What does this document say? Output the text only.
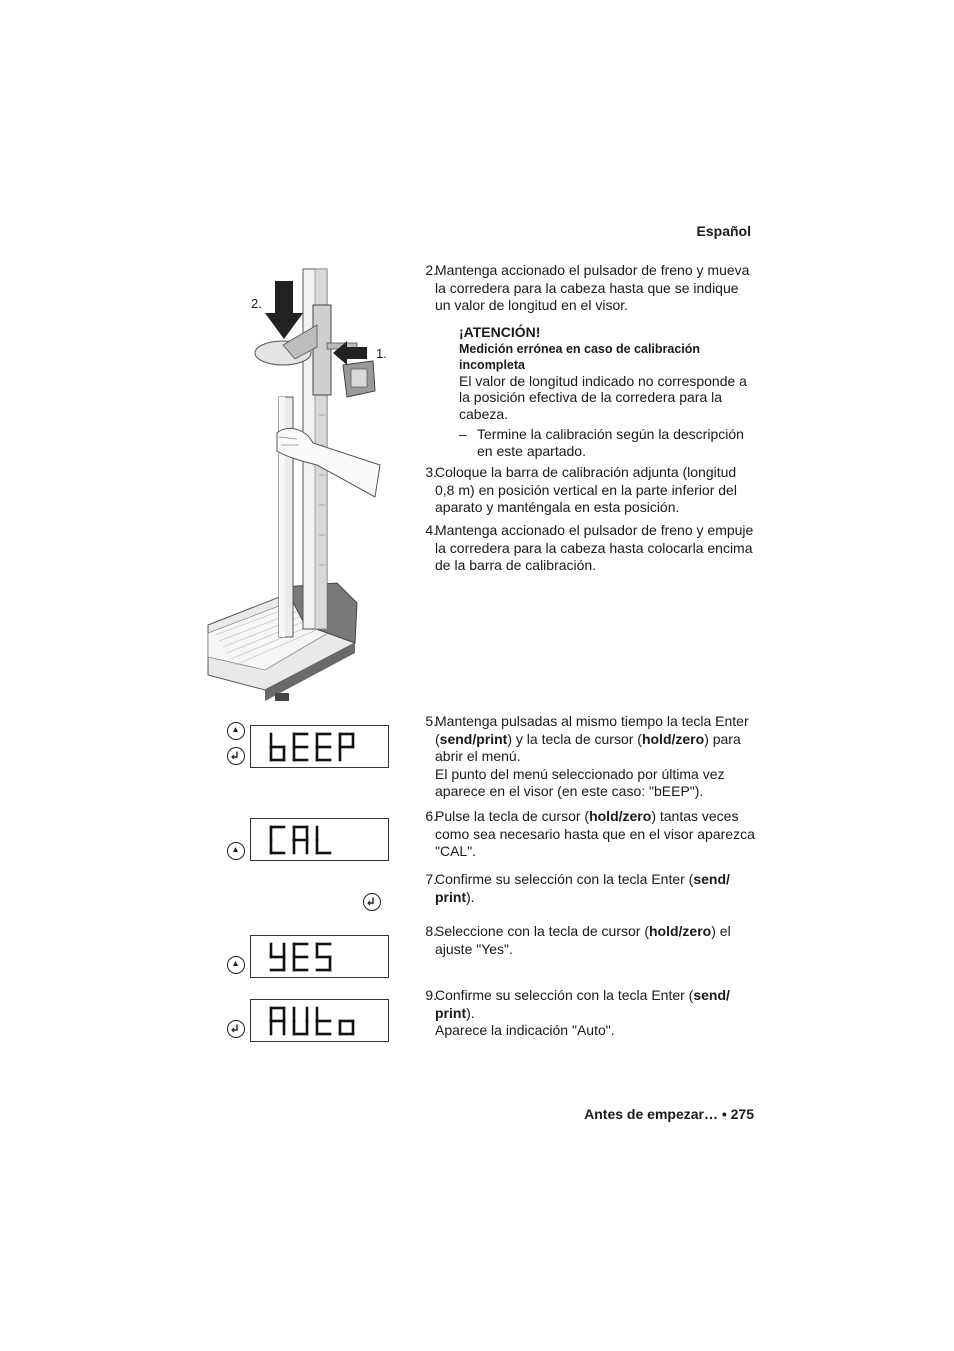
Español
2.
1.
2.
Mantenga accionado el pulsador de freno y mueva la corredera para la cabeza hasta que se indique un valor de longitud en el visor.
¡ATENCIÓN!
Medición errónea en caso de calibración incompleta
El valor de longitud indicado no corresponde a la posición efectiva de la corredera para la cabeza.
– Termine la calibración según la descripción en este apartado.
3.
Coloque la barra de calibración adjunta (longitud 0,8 m) en posición vertical en la parte inferior del aparato y manténgala en esta posición.
4.
Mantenga accionado el pulsador de freno y empuje la corredera para la cabeza hasta colocarla encima de la barra de calibración.
5.
Mantenga pulsadas al mismo tiempo la tecla Enter (send/print) y la tecla de cursor (hold/zero) para abrir el menú.
El punto del menú seleccionado por última vez aparece en el visor (en este caso: "bEEP").
6.
Pulse la tecla de cursor (hold/zero) tantas veces como sea necesario hasta que en el visor aparezca "CAL".
7.
Confirme su selección con la tecla Enter (send/ print).
8.
Seleccione con la tecla de cursor (hold/zero) el ajuste "Yes".
9.
Confirme su selección con la tecla Enter (send/ print).
Aparece la indicación "Auto".
Antes de empezar… • 275
